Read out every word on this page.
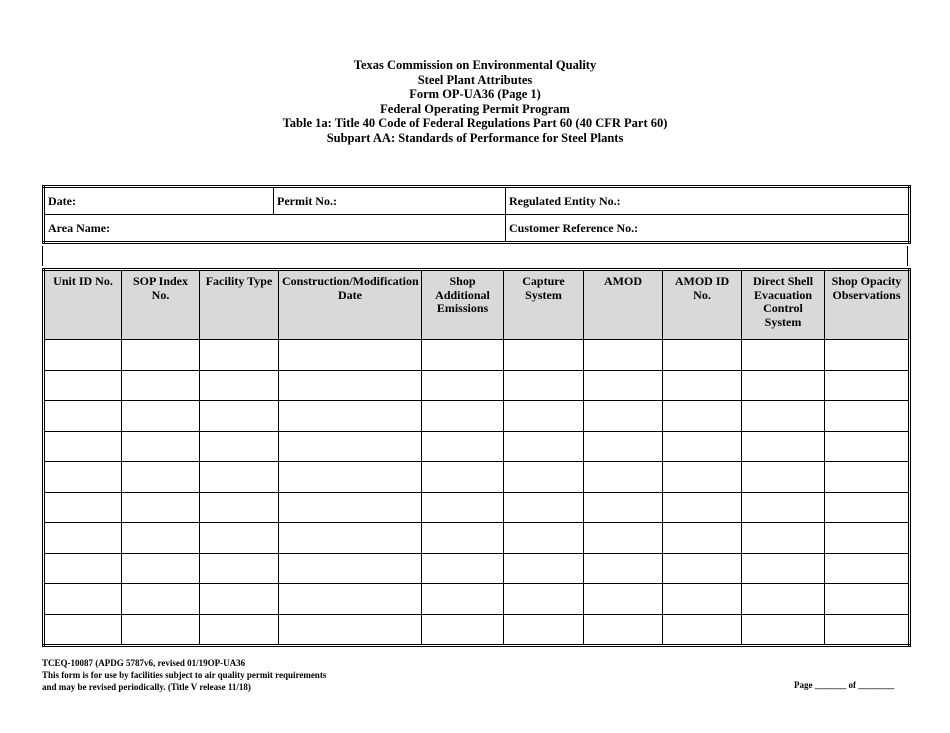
Texas Commission on Environmental Quality
Steel Plant Attributes
Form OP-UA36 (Page 1)
Federal Operating Permit Program
Table 1a: Title 40 Code of Federal Regulations Part 60 (40 CFR Part 60)
Subpart AA: Standards of Performance for Steel Plants
Date:	Permit No.:	Regulated Entity No.:
Area Name:		Customer Reference No.:
Unit ID No.	SOP Index No.	Facility Type	Construction/Modification Date	Shop Additional Emissions	Capture System	AMOD	AMOD ID No.	Direct Shell Evacuation Control System	Shop Opacity Observations

TCEQ-10087 (APDG 5787v6, revised 01/19OP-UA36
This form is for use by facilities subject to air quality permit requirements
and may be revised periodically. (Title V release 11/18)	Page _______ of ________
